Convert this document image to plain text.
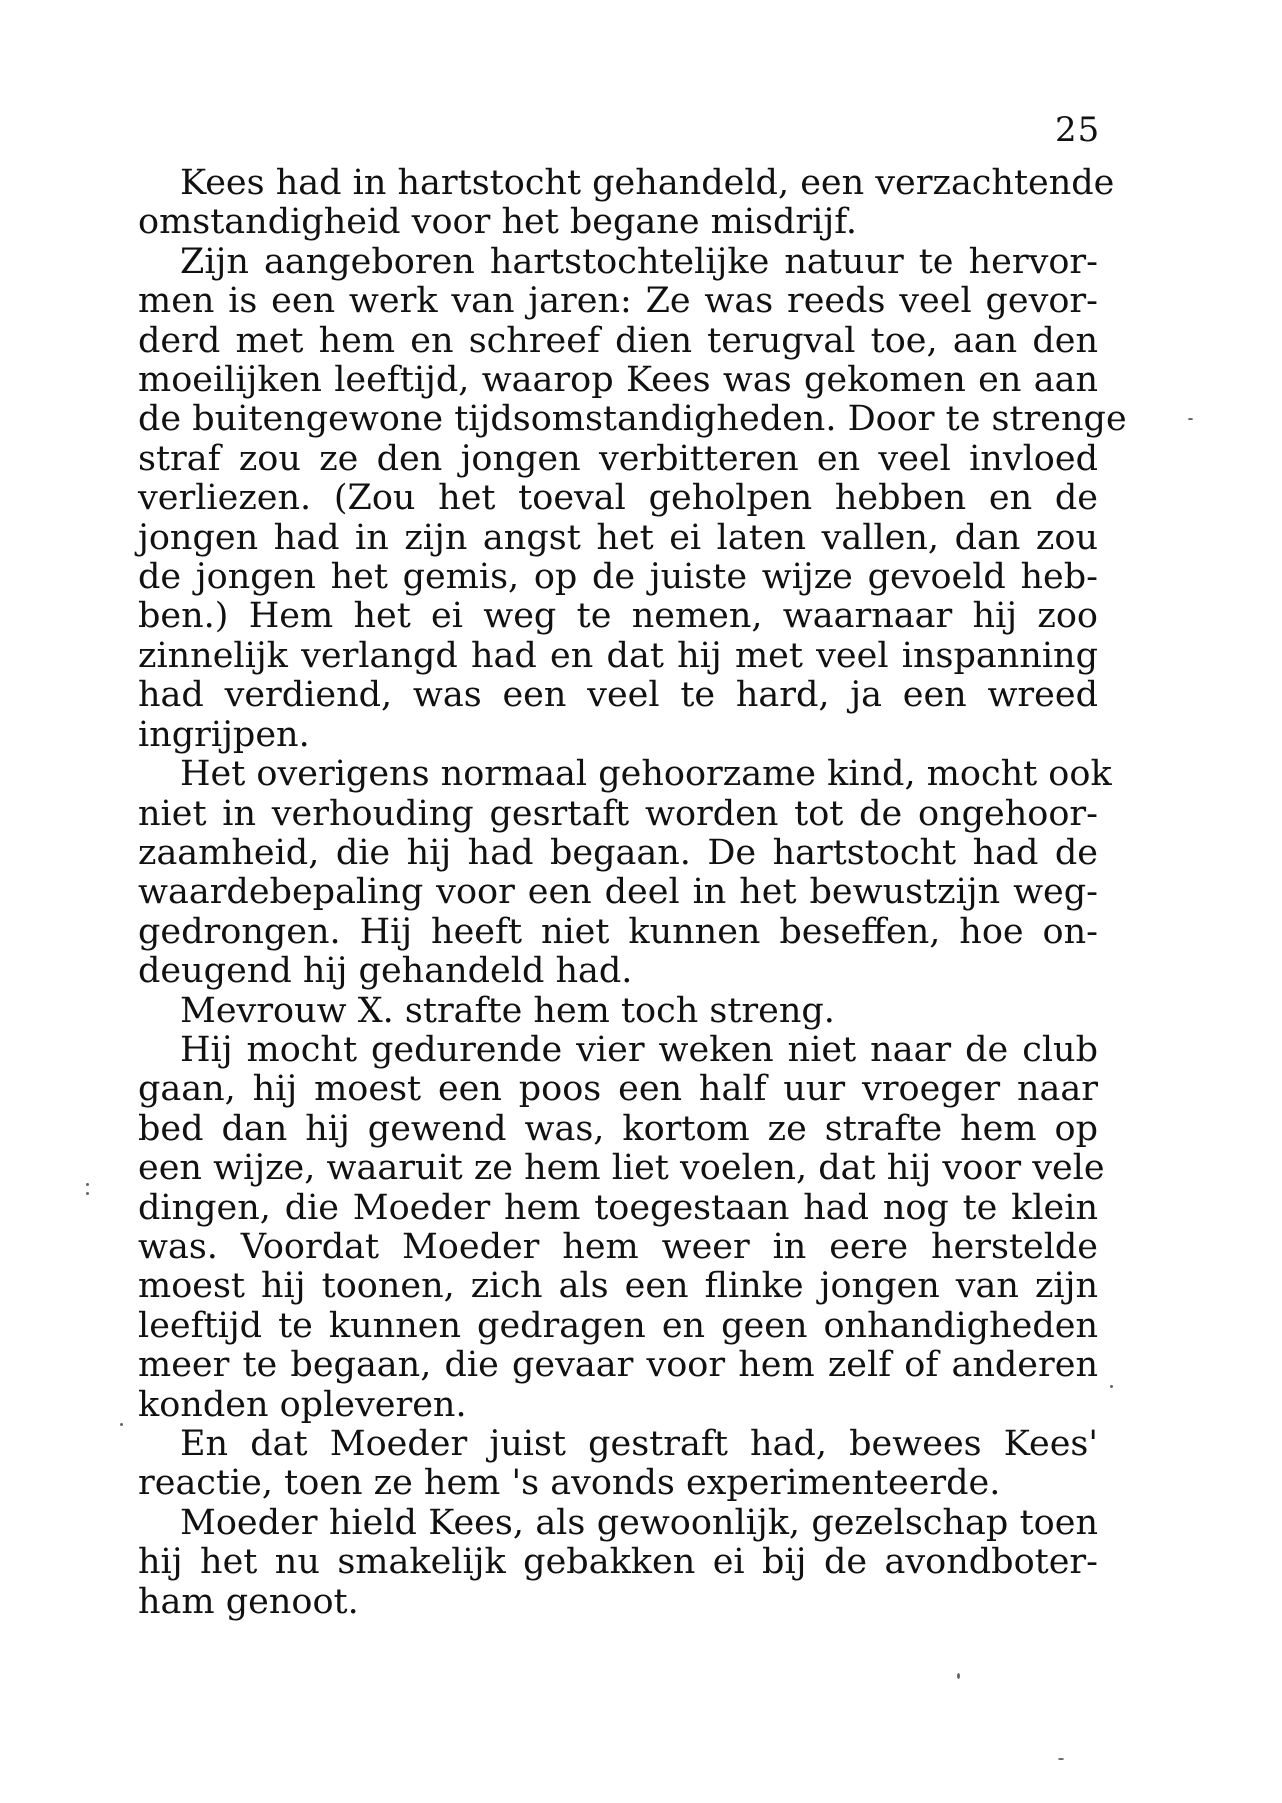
25
Kees had in hartstocht gehandeld, een verzachtende
omstandigheid voor het begane misdrijf.
Zijn aangeboren hartstochtelijke natuur te hervor-
men is een werk van jaren: Ze was reeds veel gevor-
derd met hem en schreef dien terugval toe, aan den
moeilijken leeftijd, waarop Kees was gekomen en aan
de buitengewone tijdsomstandigheden. Door te strenge
straf zou ze den jongen verbitteren en veel invloed
verliezen. (Zou het toeval geholpen hebben en de
jongen had in zijn angst het ei laten vallen, dan zou
de jongen het gemis, op de juiste wijze gevoeld heb-
ben.) Hem het ei weg te nemen, waarnaar hij zoo
zinnelijk verlangd had en dat hij met veel inspanning
had verdiend, was een veel te hard, ja een wreed
ingrijpen.
Het overigens normaal gehoorzame kind, mocht ook
niet in verhouding gesrtaft worden tot de ongehoor-
zaamheid, die hij had begaan. De hartstocht had de
waardebepaling voor een deel in het bewustzijn weg-
gedrongen. Hij heeft niet kunnen beseffen, hoe on-
deugend hij gehandeld had.
Mevrouw X. strafte hem toch streng.
Hij mocht gedurende vier weken niet naar de club
gaan, hij moest een poos een half uur vroeger naar
bed dan hij gewend was, kortom ze strafte hem op
een wijze, waaruit ze hem liet voelen, dat hij voor vele
dingen, die Moeder hem toegestaan had nog te klein
was. Voordat Moeder hem weer in eere herstelde
moest hij toonen, zich als een flinke jongen van zijn
leeftijd te kunnen gedragen en geen onhandigheden
meer te begaan, die gevaar voor hem zelf of anderen
konden opleveren.
En dat Moeder juist gestraft had, bewees Kees'
reactie, toen ze hem 's avonds experimenteerde.
Moeder hield Kees, als gewoonlijk, gezelschap toen
hij het nu smakelijk gebakken ei bij de avondboter-
ham genoot.
